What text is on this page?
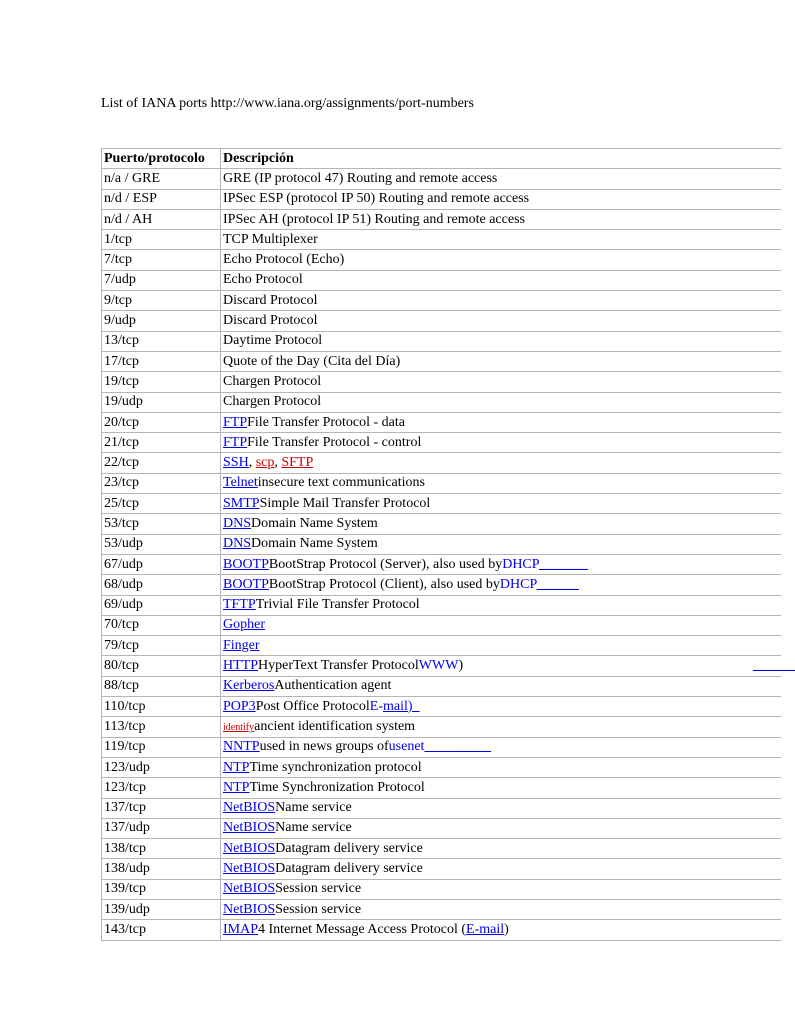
List of IANA ports http://www.iana.org/assignments/port-numbers
Puerto/protocolo	Descripción
n/a / GRE	GRE (IP protocol 47) Routing and remote access
n/d / ESP	IPSec ESP (protocol IP 50) Routing and remote access
n/d / AH	IPSec AH (protocol IP 51) Routing and remote access
1/tcp	TCP Multiplexer
7/tcp	Echo Protocol (Echo)
7/udp	Echo Protocol
9/tcp	Discard Protocol
9/udp	Discard Protocol
13/tcp	Daytime Protocol
17/tcp	Quote of the Day (Cita del Día)
19/tcp	Chargen Protocol
19/udp	Chargen Protocol
20/tcp	FTPFile Transfer Protocol - data
21/tcp	FTPFile Transfer Protocol - control
22/tcp	SSH, scp, SFTP
23/tcp	Telnetinsecure text communications
25/tcp	SMTPSimple Mail Transfer Protocol
53/tcp	DNSDomain Name System
53/udp	DNSDomain Name System
67/udp	BOOTPBootStrap Protocol (Server), also used byDHCP  ______
68/udp	BOOTPBootStrap Protocol (Client), also used byDHCP  _____
69/udp	TFTPTrivial File Transfer Protocol
70/tcp	Gopher
79/tcp	Finger
80/tcp	HTTPHyperText Transfer ProtocolWWW) ______

88/tcp	KerberosAuthentication agent
110/tcp	POP3Post Office ProtocolE-mail)
113/tcp	identifyancient identification system
119/tcp	NNTPused in news groups ofusenet         _____
123/udp	NTPTime synchronization protocol
123/tcp	NTPTime Synchronization Protocol
137/tcp	NetBIOSName service
137/udp	NetBIOSName service
138/tcp	NetBIOSDatagram delivery service
138/udp	NetBIOSDatagram delivery service
139/tcp	NetBIOSSession service
139/udp	NetBIOSSession service
143/tcp	IMAP4 Internet Message Access Protocol (E-mail)
